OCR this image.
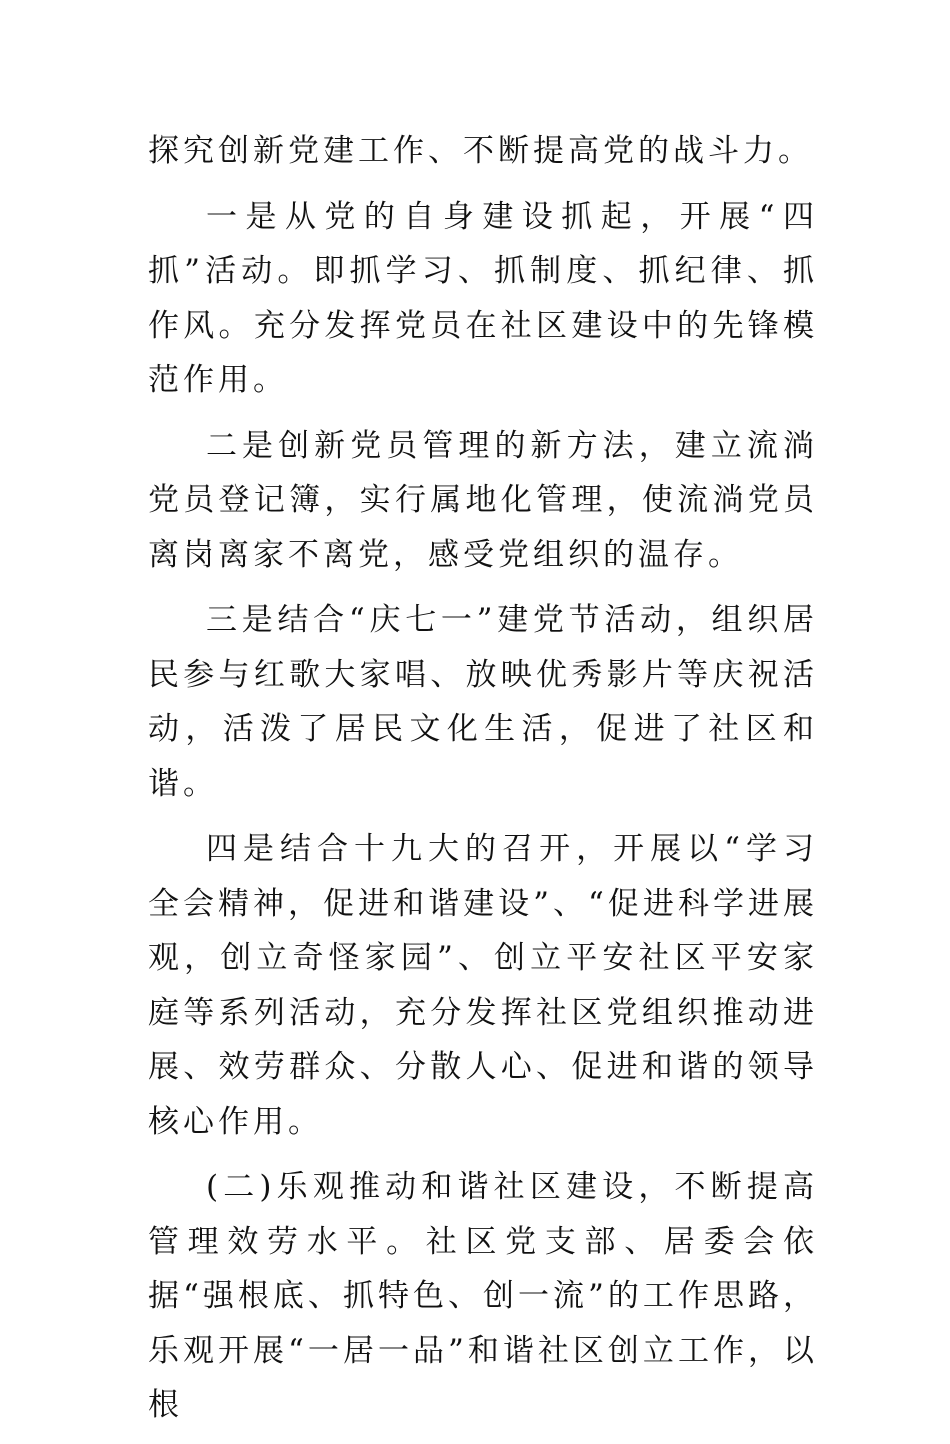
探究创新党建工作、不断提高党的战斗力。

一是从党的自身建设抓起，开展“四抓”活动。即抓学习、抓制度、抓纪律、抓作风。充分发挥党员在社区建设中的先锋模范作用。

二是创新党员管理的新方法，建立流淌党员登记簿，实行属地化管理，使流淌党员离岗离家不离党，感受党组织的温存。

三是结合“庆七一”建党节活动，组织居民参与红歌大家唱、放映优秀影片等庆祝活动，活泼了居民文化生活，促进了社区和谐。

四是结合十九大的召开，开展以“学习全会精神，促进和谐建设”、“促进科学进展观，创立奇怪家园”、创立平安社区平安家庭等系列活动，充分发挥社区党组织推动进展、效劳群众、分散人心、促进和谐的领导核心作用。

(二)乐观推动和谐社区建设，不断提高管理效劳水平。社区党支部、居委会依据“强根底、抓特色、创一流”的工作思路，乐观开展“一居一品”和谐社区创立工作，以根
